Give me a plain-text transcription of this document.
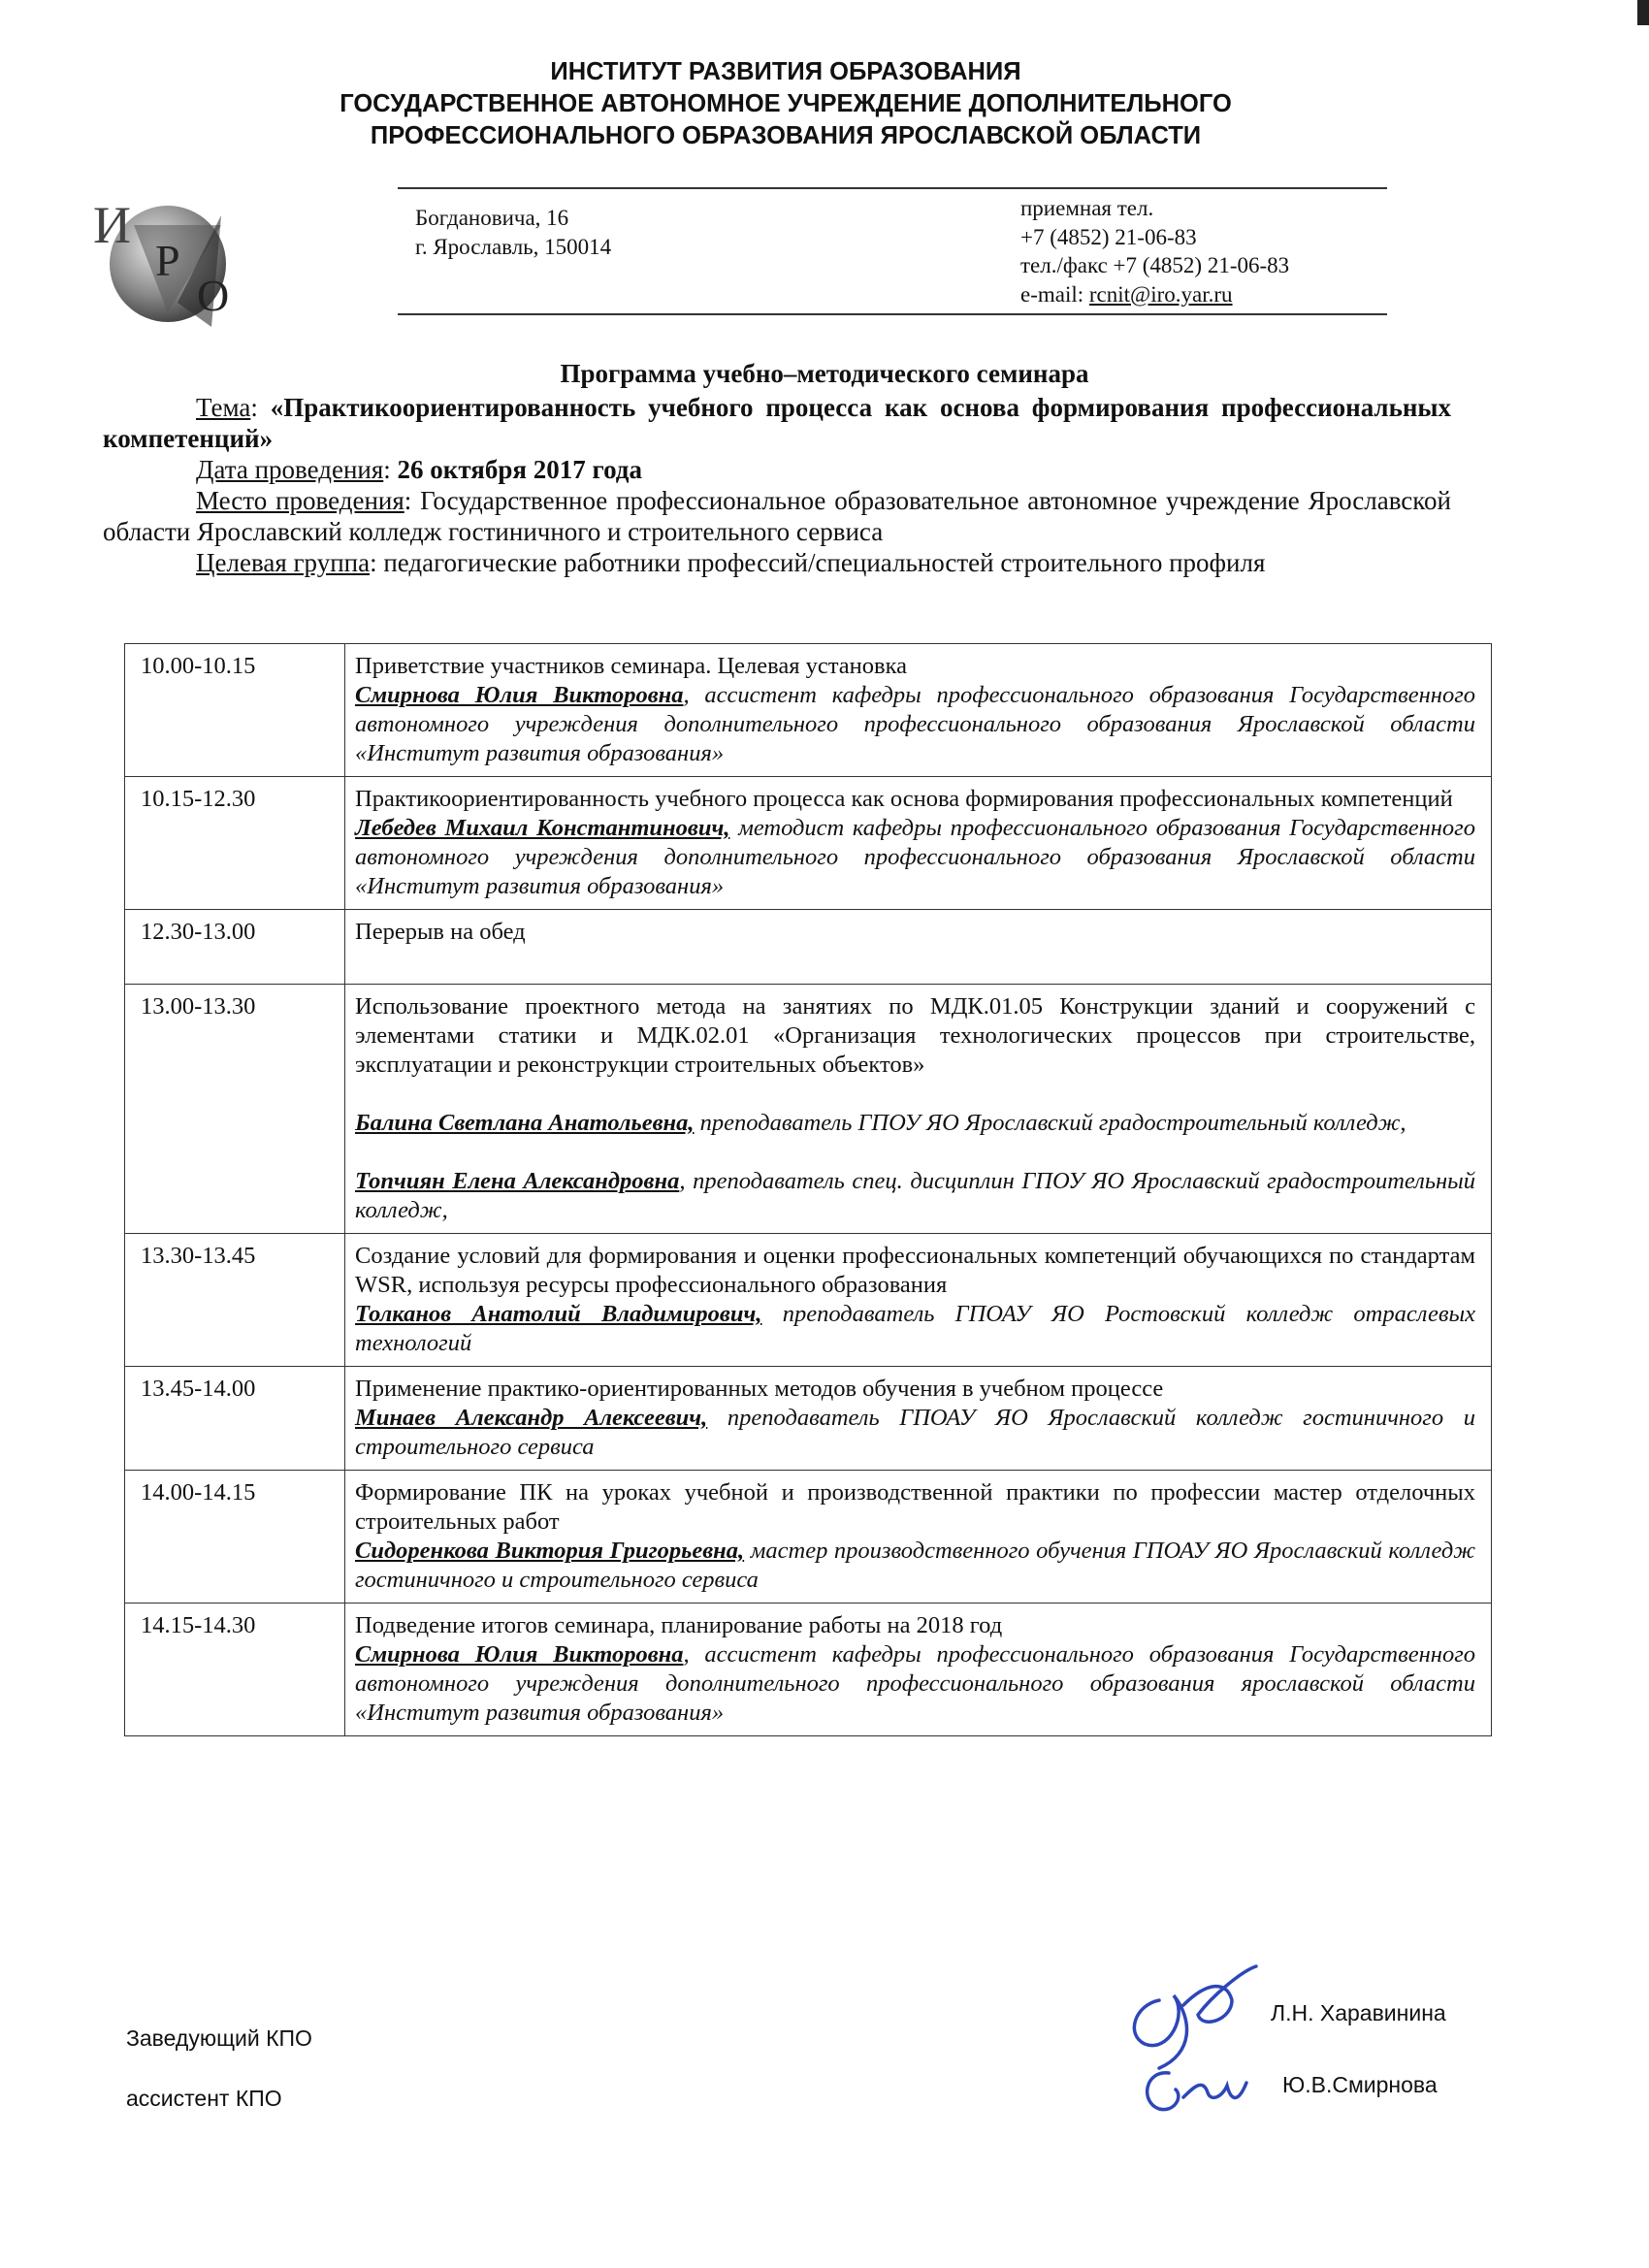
ИНСТИТУТ РАЗВИТИЯ ОБРАЗОВАНИЯ
ГОСУДАРСТВЕННОЕ АВТОНОМНОЕ УЧРЕЖДЕНИЕ ДОПОЛНИТЕЛЬНОГО
ПРОФЕССИОНАЛЬНОГО ОБРАЗОВАНИЯ ЯРОСЛАВСКОЙ ОБЛАСТИ
И
Р
О
Богдановича, 16
г. Ярославль, 150014
приемная тел.
+7 (4852) 21-06-83
тел./факс +7 (4852) 21-06-83
e-mail: rcnit@iro.yar.ru
Программа учебно–методического семинара

Тема: «Практикоориентированность учебного процесса как основа формирования профессиональных компетенций»

Дата проведения: 26 октября 2017 года

Место проведения: Государственное профессиональное образовательное автономное учреждение Ярославской области Ярославский колледж гостиничного и строительного сервиса

Целевая группа: педагогические работники профессий/специальностей строительного профиля

10.00-10.15	Приветствие участников семинара. Целевая установка
Смирнова Юлия Викторовна, ассистент кафедры профессионального образования Государственного автономного учреждения дополнительного профессионального образования Ярославской области «Институт развития образования»

10.15-12.30	Практикоориентированность учебного процесса как основа формирования профессиональных компетенций
Лебедев Михаил Константинович, методист кафедры профессионального образования Государственного автономного учреждения дополнительного профессионального образования Ярославской области «Институт развития образования»

12.30-13.00	Перерыв на обед

13.00-13.30	Использование проектного метода на занятиях по МДК.01.05 Конструкции зданий и сооружений с элементами статики и МДК.02.01 «Организация технологических процессов при строительстве, эксплуатации и реконструкции строительных объектов»
Балина Светлана Анатольевна, преподаватель ГПОУ ЯО Ярославский градостроительный колледж,
Топчиян Елена Александровна, преподаватель спец. дисциплин ГПОУ ЯО Ярославский градостроительный колледж,

13.30-13.45	Создание условий для формирования и оценки профессиональных компетенций обучающихся по стандартам WSR, используя ресурсы профессионального образования
Толканов Анатолий Владимирович, преподаватель ГПОАУ ЯО Ростовский колледж отраслевых технологий

13.45-14.00	Применение практико-ориентированных методов обучения в учебном процессе
Минаев Александр Алексеевич, преподаватель ГПОАУ ЯО Ярославский колледж гостиничного и строительного сервиса

14.00-14.15	Формирование ПК на уроках учебной и производственной практики по профессии мастер отделочных строительных работ
Сидоренкова Виктория Григорьевна, мастер производственного обучения ГПОАУ ЯО Ярославский колледж гостиничного и строительного сервиса

14.15-14.30	Подведение итогов семинара, планирование работы на 2018 год
Смирнова Юлия Викторовна, ассистент кафедры профессионального образования Государственного автономного учреждения дополнительного профессионального образования ярославской области «Институт развития образования»
Заведующий КПО
Л.Н. Харавинина
ассистент КПО
Ю.В.Смирнова
